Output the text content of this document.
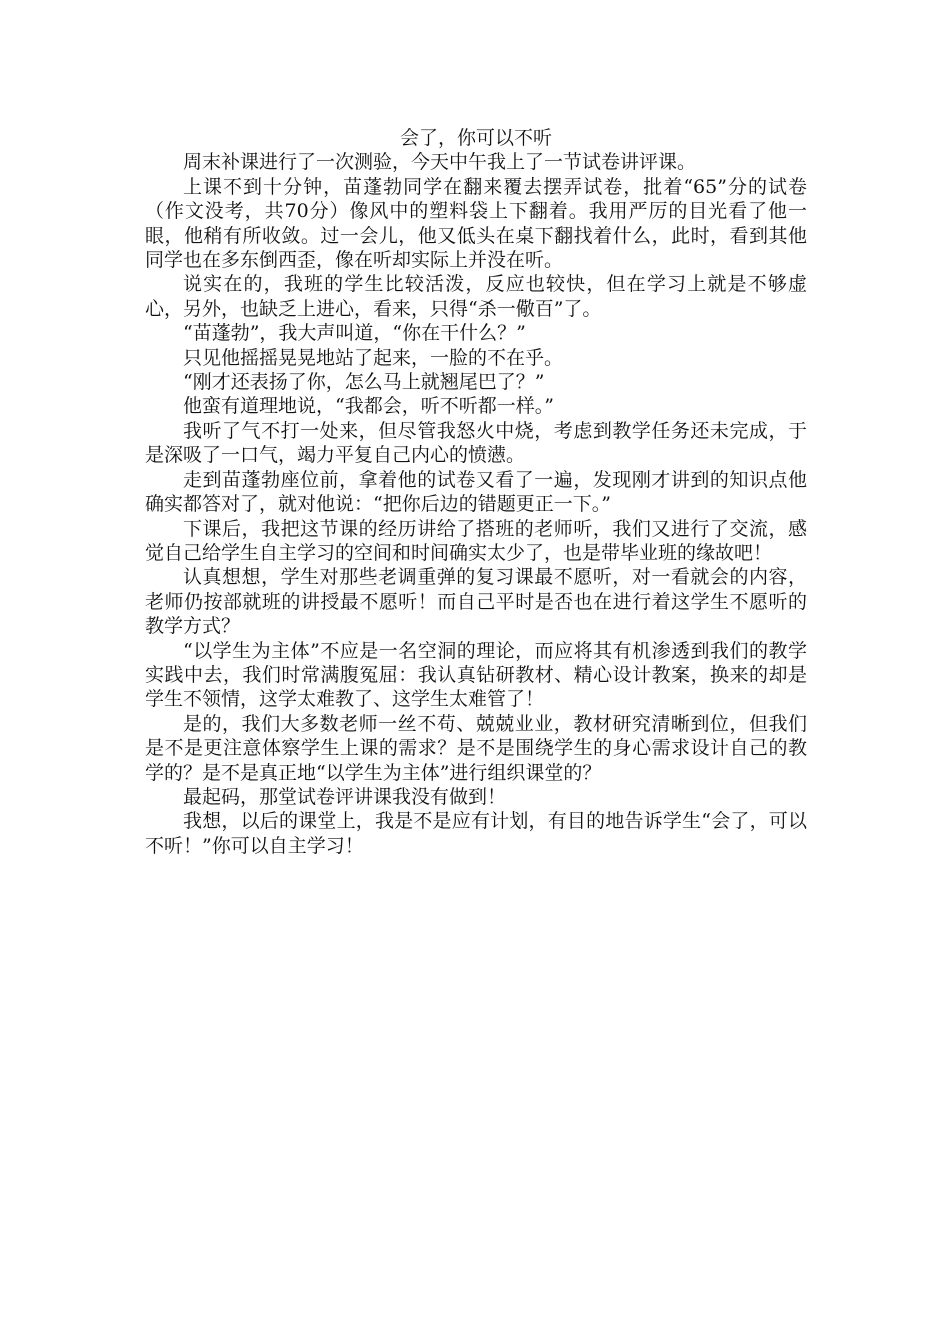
会了，你可以不听

周末补课进行了一次测验，今天中午我上了一节试卷讲评课。

上课不到十分钟，苗蓬勃同学在翻来覆去摆弄试卷，批着“65”分的试卷（作文没考，共70分）像风中的塑料袋上下翻着。我用严厉的目光看了他一眼，他稍有所收敛。过一会儿，他又低头在桌下翻找着什么，此时，看到其他同学也在多东倒西歪，像在听却实际上并没在听。

说实在的，我班的学生比较活泼，反应也较快，但在学习上就是不够虚心，另外，也缺乏上进心，看来，只得“杀一儆百”了。

“苗蓬勃”，我大声叫道，“你在干什么？”

只见他摇摇晃晃地站了起来，一脸的不在乎。

“刚才还表扬了你，怎么马上就翘尾巴了？”

他蛮有道理地说，“我都会，听不听都一样。”

我听了气不打一处来，但尽管我怒火中烧，考虑到教学任务还未完成，于是深吸了一口气，竭力平复自己内心的愤懑。

走到苗蓬勃座位前，拿着他的试卷又看了一遍，发现刚才讲到的知识点他确实都答对了，就对他说：“把你后边的错题更正一下。”

下课后，我把这节课的经历讲给了搭班的老师听，我们又进行了交流，感觉自己给学生自主学习的空间和时间确实太少了，也是带毕业班的缘故吧！

认真想想，学生对那些老调重弹的复习课最不愿听，对一看就会的内容，老师仍按部就班的讲授最不愿听！而自己平时是否也在进行着这学生不愿听的教学方式？

“以学生为主体”不应是一名空洞的理论，而应将其有机渗透到我们的教学实践中去，我们时常满腹冤屈：我认真钻研教材、精心设计教案，换来的却是学生不领情，这学太难教了、这学生太难管了！

是的，我们大多数老师一丝不苟、兢兢业业，教材研究清晰到位，但我们是不是更注意体察学生上课的需求？是不是围绕学生的身心需求设计自己的教学的？是不是真正地“以学生为主体”进行组织课堂的？

最起码，那堂试卷评讲课我没有做到！

我想，以后的课堂上，我是不是应有计划，有目的地告诉学生“会了，可以不听！”你可以自主学习！
